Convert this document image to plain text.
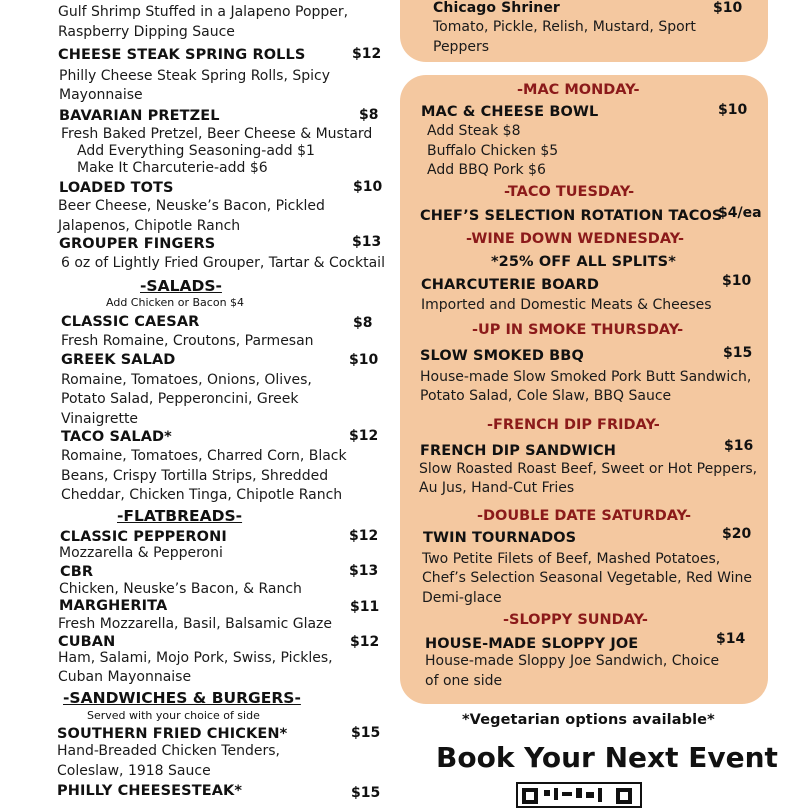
Gulf Shrimp Stuffed in a Jalapeno Popper,
Raspberry Dipping Sauce
CHEESE STEAK SPRING ROLLS	$12
Philly Cheese Steak Spring Rolls, Spicy
Mayonnaise
BAVARIAN PRETZEL	$8
Fresh Baked Pretzel, Beer Cheese & Mustard
Add Everything Seasoning-add $1
Make It Charcuterie-add $6
LOADED TOTS	$10
Beer Cheese, Neuske’s Bacon, Pickled
Jalapenos, Chipotle Ranch
GROUPER FINGERS	$13
6 oz of Lightly Fried Grouper, Tartar & Cocktail
-SALADS-
Add Chicken or Bacon $4
CLASSIC CAESAR	$8
Fresh Romaine, Croutons, Parmesan
GREEK SALAD	$10
Romaine, Tomatoes, Onions, Olives,
Potato Salad, Pepperoncini, Greek
Vinaigrette
TACO SALAD*	$12
Romaine, Tomatoes, Charred Corn, Black
Beans, Crispy Tortilla Strips, Shredded
Cheddar, Chicken Tinga, Chipotle Ranch
-FLATBREADS-
CLASSIC PEPPERONI	$12
Mozzarella & Pepperoni
CBR	$13
Chicken, Neuske’s Bacon, & Ranch
MARGHERITA	$11
Fresh Mozzarella, Basil, Balsamic Glaze
CUBAN	$12
Ham, Salami, Mojo Pork, Swiss, Pickles,
Cuban Mayonnaise
-SANDWICHES & BURGERS-
Served with your choice of side
SOUTHERN FRIED CHICKEN*	$15
Hand-Breaded Chicken Tenders,
Coleslaw, 1918 Sauce
PHILLY CHEESESTEAK*	$15
Chicago Shriner	$10
Tomato, Pickle, Relish, Mustard, Sport
Peppers
-MAC MONDAY-
MAC & CHEESE BOWL	$10
Add Steak $8
Buffalo Chicken $5
Add BBQ Pork $6
-TACO TUESDAY-
CHEF’S SELECTION ROTATION TACOS
$4/ea
-WINE DOWN WEDNESDAY-
*25% OFF ALL SPLITS*
CHARCUTERIE BOARD	$10
Imported and Domestic Meats & Cheeses
-UP IN SMOKE THURSDAY-
SLOW SMOKED BBQ	$15
House-made Slow Smoked Pork Butt Sandwich,
Potato Salad, Cole Slaw, BBQ Sauce
-FRENCH DIP FRIDAY-
FRENCH DIP SANDWICH	$16
Slow Roasted Roast Beef, Sweet or Hot Peppers,
Au Jus, Hand-Cut Fries
-DOUBLE DATE SATURDAY-
TWIN TOURNADOS	$20
Two Petite Filets of Beef, Mashed Potatoes,
Chef’s Selection Seasonal Vegetable, Red Wine
Demi-glace
-SLOPPY SUNDAY-
HOUSE-MADE SLOPPY JOE	$14
House-made Sloppy Joe Sandwich, Choice
of one side
*Vegetarian options available*
Book Your Next Event
